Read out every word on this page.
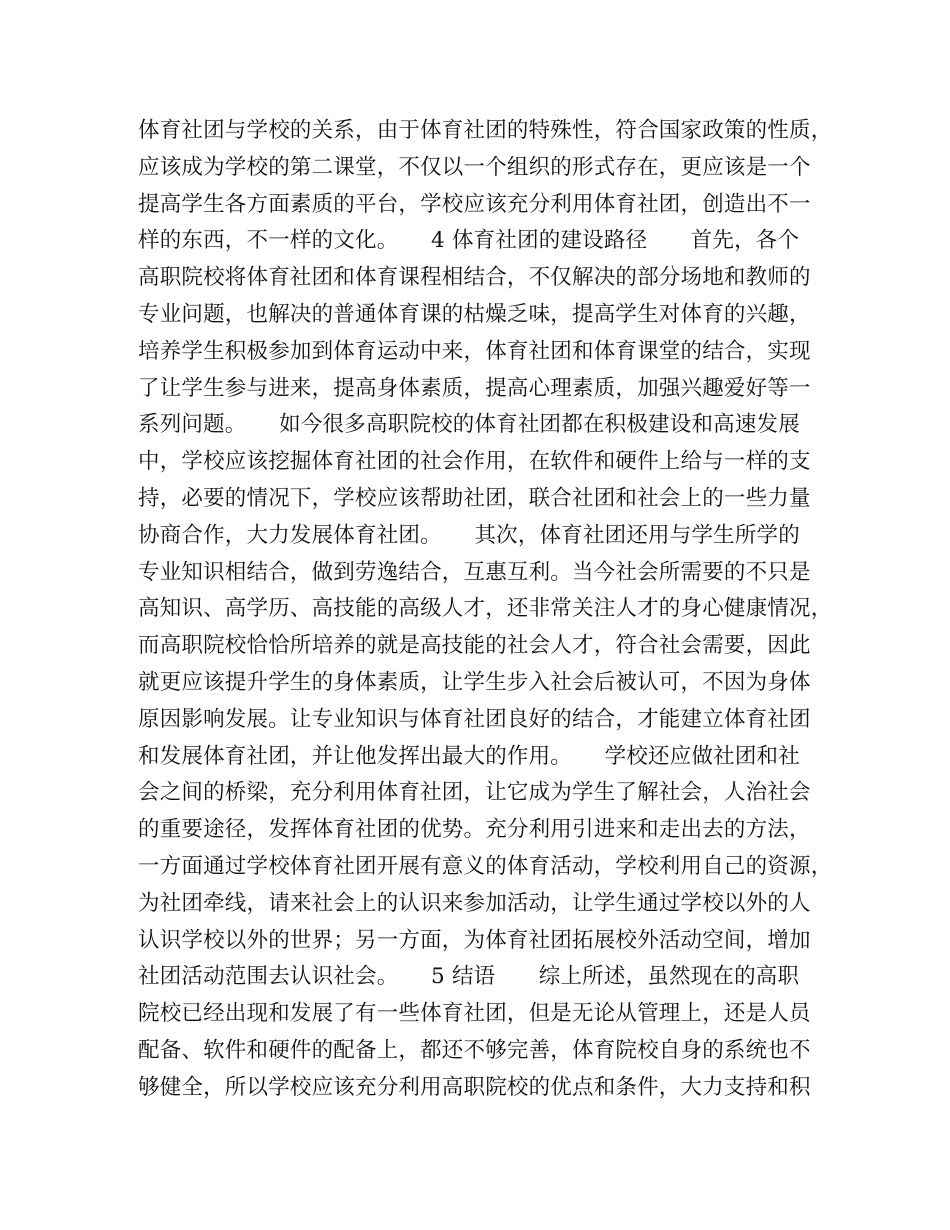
体育社团与学校的关系，由于体育社团的特殊性，符合国家政策的性质，
应该成为学校的第二课堂，不仅以一个组织的形式存在，更应该是一个
提高学生各方面素质的平台，学校应该充分利用体育社团，创造出不一
样的东西，不一样的文化。　　4 体育社团的建设路径　　首先，各个
高职院校将体育社团和体育课程相结合，不仅解决的部分场地和教师的
专业问题，也解决的普通体育课的枯燥乏味，提高学生对体育的兴趣，
培养学生积极参加到体育运动中来，体育社团和体育课堂的结合，实现
了让学生参与进来，提高身体素质，提高心理素质，加强兴趣爱好等一
系列问题。　　如今很多高职院校的体育社团都在积极建设和高速发展
中，学校应该挖掘体育社团的社会作用，在软件和硬件上给与一样的支
持，必要的情况下，学校应该帮助社团，联合社团和社会上的一些力量
协商合作，大力发展体育社团。　　其次，体育社团还用与学生所学的
专业知识相结合，做到劳逸结合，互惠互利。当今社会所需要的不只是
高知识、高学历、高技能的高级人才，还非常关注人才的身心健康情况，
而高职院校恰恰所培养的就是高技能的社会人才，符合社会需要，因此
就更应该提升学生的身体素质，让学生步入社会后被认可，不因为身体
原因影响发展。让专业知识与体育社团良好的结合，才能建立体育社团
和发展体育社团，并让他发挥出最大的作用。　　学校还应做社团和社
会之间的桥梁，充分利用体育社团，让它成为学生了解社会，人治社会
的重要途径，发挥体育社团的优势。充分利用引进来和走出去的方法，
一方面通过学校体育社团开展有意义的体育活动，学校利用自己的资源，
为社团牵线，请来社会上的认识来参加活动，让学生通过学校以外的人
认识学校以外的世界；另一方面，为体育社团拓展校外活动空间，增加
社团活动范围去认识社会。　　5 结语　　综上所述，虽然现在的高职
院校已经出现和发展了有一些体育社团，但是无论从管理上，还是人员
配备、软件和硬件的配备上，都还不够完善，体育院校自身的系统也不
够健全，所以学校应该充分利用高职院校的优点和条件，大力支持和积
